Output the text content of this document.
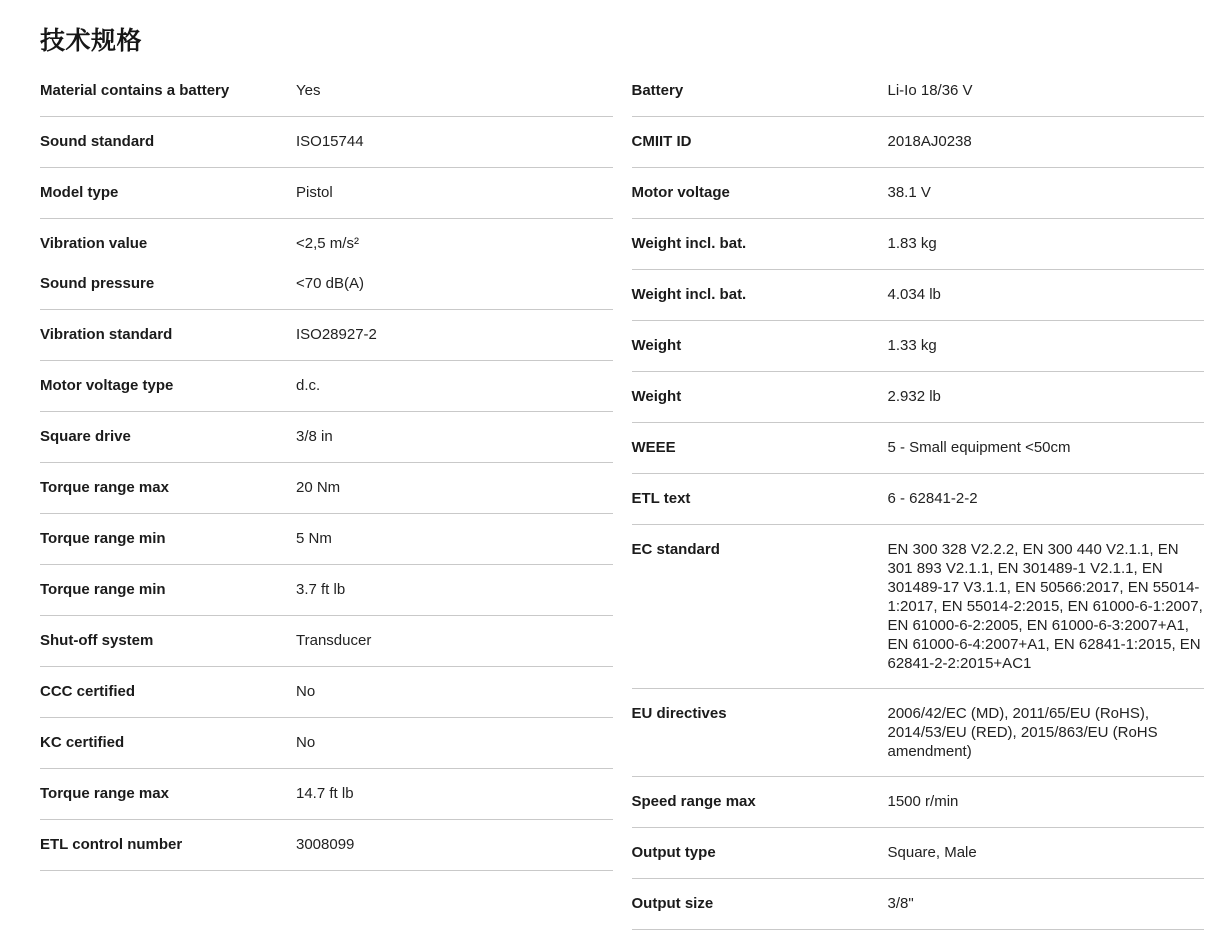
技术规格
Material contains a battery	Yes
Sound standard	ISO15744
Model type	Pistol
Vibration value	<2,5 m/s²
Sound pressure	<70 dB(A)
Vibration standard	ISO28927-2
Motor voltage type	d.c.
Square drive	3/8 in
Torque range max	20 Nm
Torque range min	5 Nm
Torque range min	3.7 ft lb
Shut-off system	Transducer
CCC certified	No
KC certified	No
Torque range max	14.7 ft lb
ETL control number	3008099
Battery	Li-Io 18/36 V
CMIIT ID	2018AJ0238
Motor voltage	38.1 V
Weight incl. bat.	1.83 kg
Weight incl. bat.	4.034 lb
Weight	1.33 kg
Weight	2.932 lb
WEEE	5 - Small equipment <50cm
ETL text	6 - 62841-2-2
EC standard	EN 300 328 V2.2.2, EN 300 440 V2.1.1, EN 301 893 V2.1.1, EN 301489-1 V2.1.1, EN 301489-17 V3.1.1, EN 50566:2017, EN 55014-1:2017, EN 55014-2:2015, EN 61000-6-1:2007, EN 61000-6-2:2005, EN 61000-6-3:2007+A1, EN 61000-6-4:2007+A1, EN 62841-1:2015, EN 62841-2-2:2015+AC1
EU directives	2006/42/EC (MD), 2011/65/EU (RoHS), 2014/53/EU (RED), 2015/863/EU (RoHS amendment)
Speed range max	1500 r/min
Output type	Square, Male
Output size	3/8"
